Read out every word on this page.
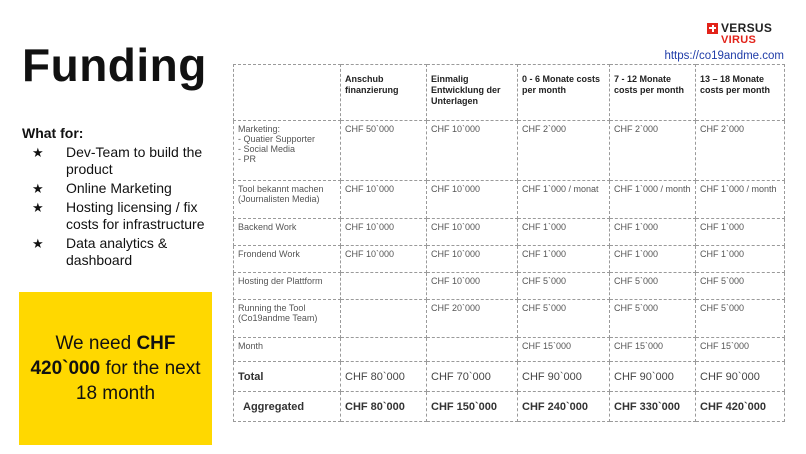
Funding
What for:
★ Dev-Team to build the product
★ Online Marketing
★ Hosting licensing / fix costs for infrastructure
★ Data analytics & dashboard

We need CHF 420`000 for the next 18 month

VERSUS
VIRUS
https://co19andme.com
	Anschub finanzierung	Einmalig Entwicklung der Unterlagen	0 - 6 Monate costs per month	7 - 12 Monate costs per month	13 – 18 Monate costs per month
Marketing:
- Quatier Supporter
- Social Media
- PR	CHF 50`000	CHF 10`000	CHF 2`000	CHF 2`000	CHF 2`000
Tool bekannt machen (Journalisten Media)	CHF 10`000	CHF 10`000	CHF 1`000 / monat	CHF 1`000 / month	CHF 1`000 / month
Backend Work	CHF 10`000	CHF 10`000	CHF 1`000	CHF 1`000	CHF 1`000
Frondend Work	CHF 10`000	CHF 10`000	CHF 1`000	CHF 1`000	CHF 1`000
Hosting der Plattform		CHF 10`000	CHF 5`000	CHF 5`000	CHF 5`000
Running the Tool (Co19andme Team)		CHF 20`000	CHF 5`000	CHF 5`000	CHF 5`000
Month			CHF 15`000	CHF 15`000	CHF 15`000
Total	CHF 80`000	CHF 70`000	CHF 90`000	CHF 90`000	CHF 90`000
Aggregated	CHF 80`000	CHF 150`000	CHF 240`000	CHF 330`000	CHF 420`000
